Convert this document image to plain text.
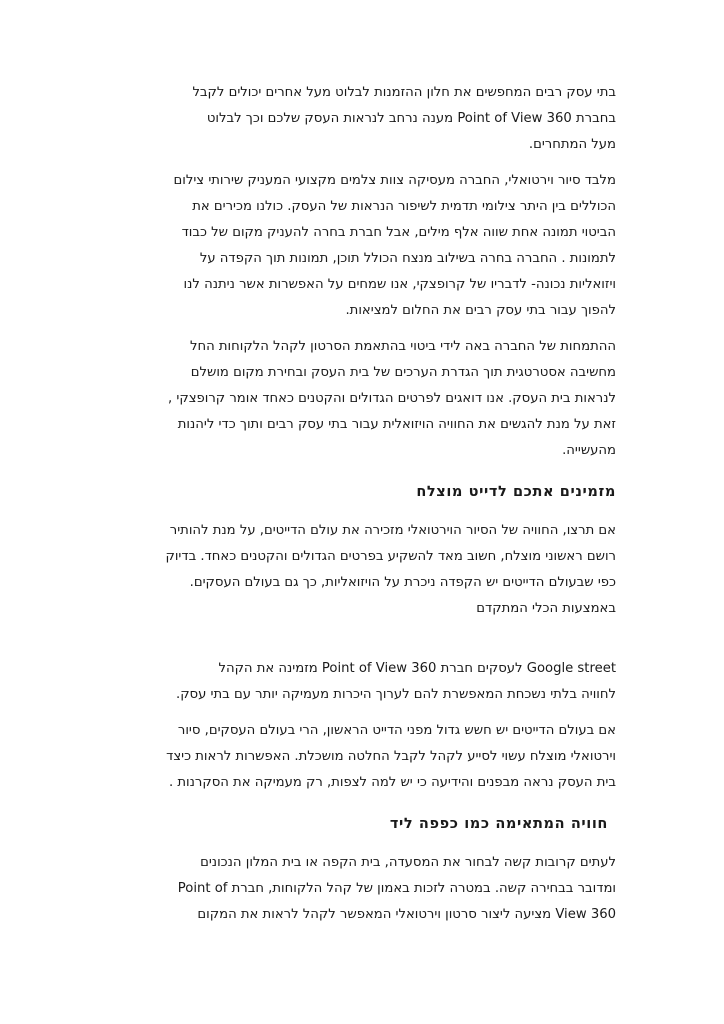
בתי עסק רבים המחפשים את חלון ההזמנות לבלוט מעל אחרים יכולים לקבל
בחברת Point of View 360 מענה נרחב לנראות העסק שלכם וכך לבלוט
מעל המתחרים.
מלבד סיור וירטואלי, החברה מעסיקה צוות צלמים מקצועי המעניק שירותי צילום
הכוללים בין היתר צילומי תדמית לשיפור הנראות של העסק. כולנו מכירים את
הביטוי תמונה אחת שווה אלף מילים, אבל חברת בחרה להעניק מקום של כבוד
לתמונות . החברה בחרה בשילוב מנצח הכולל תוכן, תמונות תוך הקפדה על
ויזואליות נכונה- לדבריו של קרופצקי, אנו שמחים על האפשרות אשר ניתנה לנו
להפוך עבור בתי עסק רבים את החלום למציאות.
ההתמחות של החברה באה לידי ביטוי בהתאמת הסרטון לקהל הלקוחות החל
מחשיבה אסטרטגית תוך הגדרת הערכים של בית העסק ובחירת מקום מושלם
לנראות בית העסק. אנו דואגים לפרטים הגדולים והקטנים כאחד אומר קרופצקי ,
זאת על מנת להגשים את החוויה הויזואלית עבור בתי עסק רבים ותוך כדי ליהנות
מהעשייה.
מזמינים אתכם לדייט מוצלח
אם תרצו, החוויה של הסיור הוירטואלי מזכירה את עולם הדייטים, על מנת להותיר
רושם ראשוני מוצלח, חשוב מאד להשקיע בפרטים הגדולים והקטנים כאחד. בדיוק
כפי שבעולם הדייטים יש הקפדה ניכרת על הויזואליות, כך גם בעולם העסקים.
באמצעות הכלי המתקדם
Google street לעסקים חברת Point of View 360 מזמינה את הקהל
לחוויה בלתי נשכחת המאפשרת להם לערוך היכרות מעמיקה יותר עם בתי עסק.
אם בעולם הדייטים יש חשש גדול מפני הדייט הראשון, הרי בעולם העסקים, סיור
וירטואלי מוצלח עשוי לסייע לקהל לקבל החלטה מושכלת. האפשרות לראות כיצד
בית העסק נראה מבפנים והידיעה כי יש למה לצפות, רק מעמיקה את הסקרנות .
חוויה המתאימה כמו כפפה ליד
לעתים קרובות קשה לבחור את המסעדה, בית הקפה או בית המלון הנכונים
ומדובר בבחירה קשה. במטרה לזכות באמון של קהל הלקוחות, חברת Point of
View 360 מציעה ליצור סרטון וירטואלי המאפשר לקהל לראות את המקום
